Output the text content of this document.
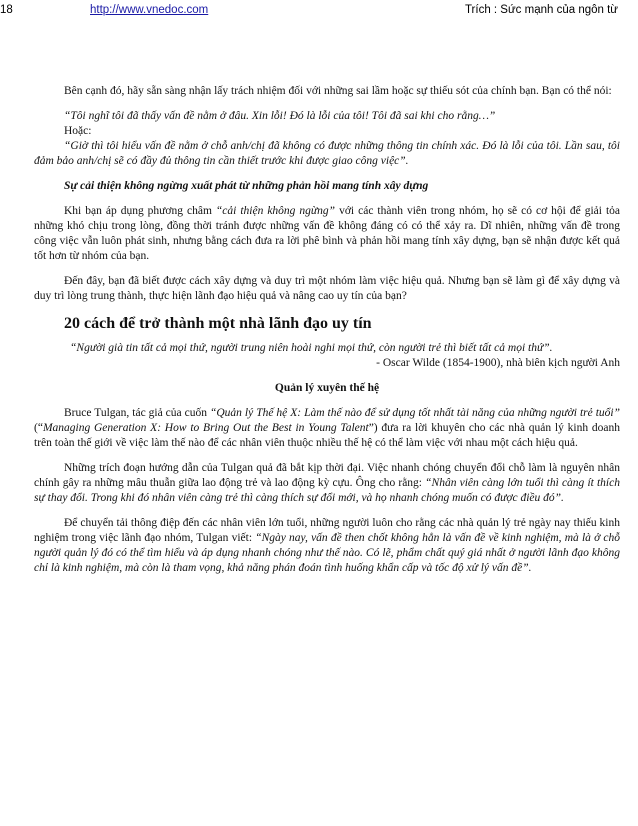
18	http://www.vnedoc.com	Trích : Sức mạnh của ngôn từ

Bên cạnh đó, hãy sẵn sàng nhận lấy trách nhiệm đối với những sai lầm hoặc sự thiếu sót của chính bạn. Bạn có thể nói:

“Tôi nghĩ tôi đã thấy vấn đề nằm ở đâu. Xin lỗi! Đó là lỗi của tôi! Tôi đã sai khi cho rằng…”

Hoặc:

“Giờ thì tôi hiểu vấn đề nằm ở chỗ anh/chị đã không có được những thông tin chính xác. Đó là lỗi của tôi. Lần sau, tôi đảm bảo anh/chị sẽ có đầy đủ thông tin cần thiết trước khi được giao công việc”.

Sự cải thiện không ngừng xuất phát từ những phản hồi mang tính xây dựng

Khi bạn áp dụng phương châm “cải thiện không ngừng” với các thành viên trong nhóm, họ sẽ có cơ hội để giải tỏa những khó chịu trong lòng, đồng thời tránh được những vấn đề không đáng có có thể xảy ra. Dĩ nhiên, những vấn đề trong công việc vẫn luôn phát sinh, nhưng bằng cách đưa ra lời phê bình và phản hồi mang tính xây dựng, bạn sẽ nhận được kết quả tốt hơn từ nhóm của bạn.

Đến đây, bạn đã biết được cách xây dựng và duy trì một nhóm làm việc hiệu quả. Nhưng bạn sẽ làm gì để xây dựng và duy trì lòng trung thành, thực hiện lãnh đạo hiệu quả và nâng cao uy tín của bạn?

20 cách để trở thành một nhà lãnh đạo uy tín

“Người già tin tất cả mọi thứ, người trung niên hoài nghi mọi thứ, còn người trẻ thì biết tất cả mọi thứ”.

- Oscar Wilde (1854-1900), nhà biên kịch người Anh

Quản lý xuyên thế hệ

Bruce Tulgan, tác giả của cuốn “Quản lý Thế hệ X: Làm thế nào để sử dụng tốt nhất tài năng của những người trẻ tuổi” (“Managing Generation X: How to Bring Out the Best in Young Talent”) đưa ra lời khuyên cho các nhà quản lý kinh doanh trên toàn thế giới về việc làm thế nào để các nhân viên thuộc nhiều thế hệ có thể làm việc với nhau một cách hiệu quả.

Những trích đoạn hướng dẫn của Tulgan quả đã bắt kịp thời đại. Việc nhanh chóng chuyển đổi chỗ làm là nguyên nhân chính gây ra những mâu thuẫn giữa lao động trẻ và lao động kỳ cựu. Ông cho rằng: “Nhân viên càng lớn tuổi thì càng ít thích sự thay đổi. Trong khi đó nhân viên càng trẻ thì càng thích sự đổi mới, và họ nhanh chóng muốn có được điều đó”.

Để chuyển tải thông điệp đến các nhân viên lớn tuổi, những người luôn cho rằng các nhà quản lý trẻ ngày nay thiếu kinh nghiệm trong việc lãnh đạo nhóm, Tulgan viết: “Ngày nay, vấn đề then chốt không hẳn là vấn đề về kinh nghiệm, mà là ở chỗ người quản lý đó có thể tìm hiểu và áp dụng nhanh chóng như thế nào. Có lẽ, phẩm chất quý giá nhất ở người lãnh đạo không chỉ là kinh nghiệm, mà còn là tham vọng, khả năng phán đoán tình huống khẩn cấp và tốc độ xử lý vấn đề”.
